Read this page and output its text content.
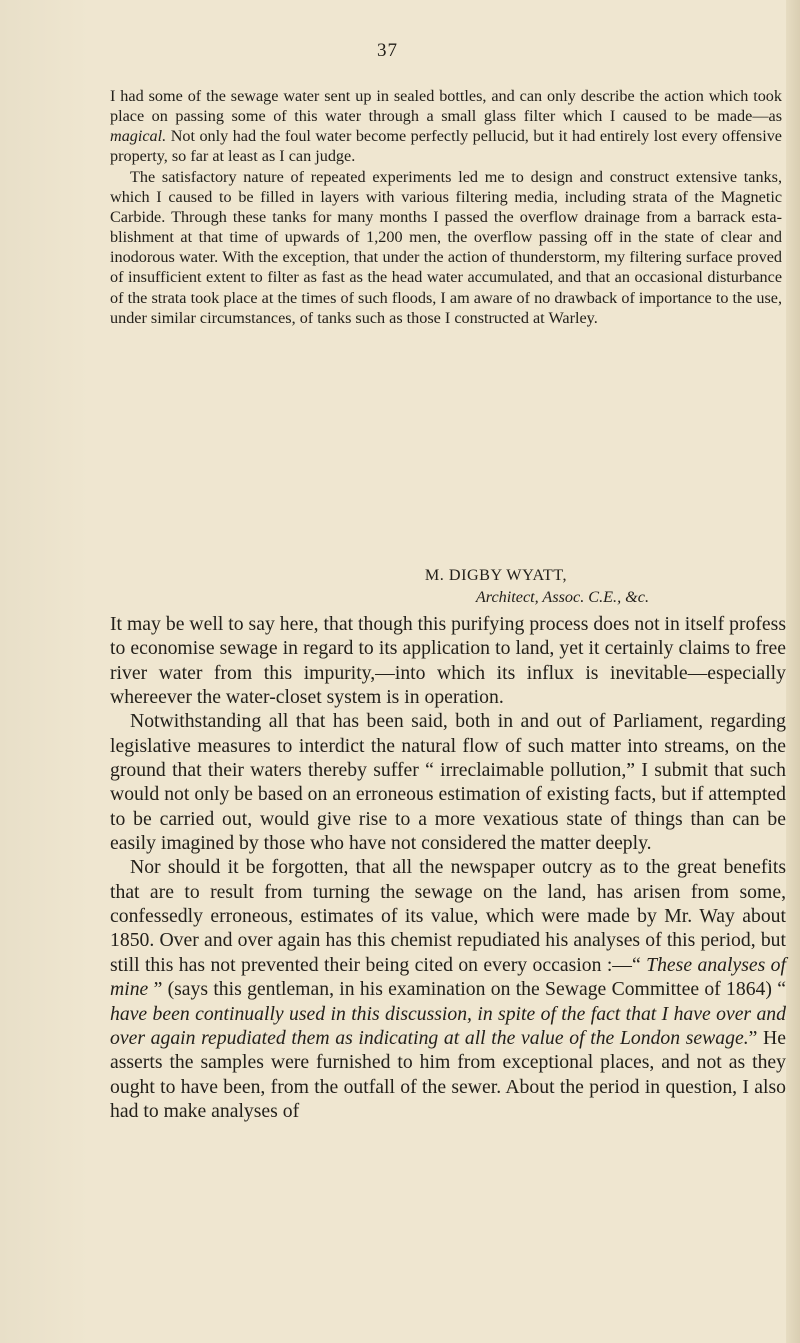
37

I had some of the sewage water sent up in sealed bottles, and can only describe the action which took place on passing some of this water through a small glass filter which I caused to be made—as magical. Not only had the foul water become perfectly pellucid, but it had entirely lost every offensive property, so far at least as I can judge.

The satisfactory nature of repeated experiments led me to design and construct extensive tanks, which I caused to be filled in layers with various filtering media, including strata of the Magnetic Carbide. Through these tanks for many months I passed the overflow drainage from a barrack establishment at that time of upwards of 1,200 men, the overflow passing off in the state of clear and inodorous water. With the exception, that under the action of thunderstorm, my filtering surface proved of insufficient extent to filter as fast as the head water accumulated, and that an occasional disturbance of the strata took place at the times of such floods, I am aware of no drawback of importance to the use, under similar circumstances, of tanks such as those I constructed at Warley.

M. DIGBY WYATT,
Architect, Assoc. C.E., &c.

It may be well to say here, that though this purifying process does not in itself profess to economise sewage in regard to its application to land, yet it certainly claims to free river water from this impurity,—into which its influx is inevitable—especially whereever the water-closet system is in operation.

Notwithstanding all that has been said, both in and out of Parliament, regarding legislative measures to interdict the natural flow of such matter into streams, on the ground that their waters thereby suffer “ irreclaimable pollution,” I submit that such would not only be based on an erroneous estimation of existing facts, but if attempted to be carried out, would give rise to a more vexatious state of things than can be easily imagined by those who have not considered the matter deeply.

Nor should it be forgotten, that all the newspaper outcry as to the great benefits that are to result from turning the sewage on the land, has arisen from some, confessedly erroneous, estimates of its value, which were made by Mr. Way about 1850. Over and over again has this chemist repudiated his analyses of this period, but still this has not prevented their being cited on every occasion :—“ These analyses of mine ” (says this gentleman, in his examination on the Sewage Committee of 1864) “ have been continually used in this discussion, in spite of the fact that I have over and over again repudiated them as indicating at all the value of the London sewage.” He asserts the samples were furnished to him from exceptional places, and not as they ought to have been, from the outfall of the sewer. About the period in question, I also had to make analyses of
